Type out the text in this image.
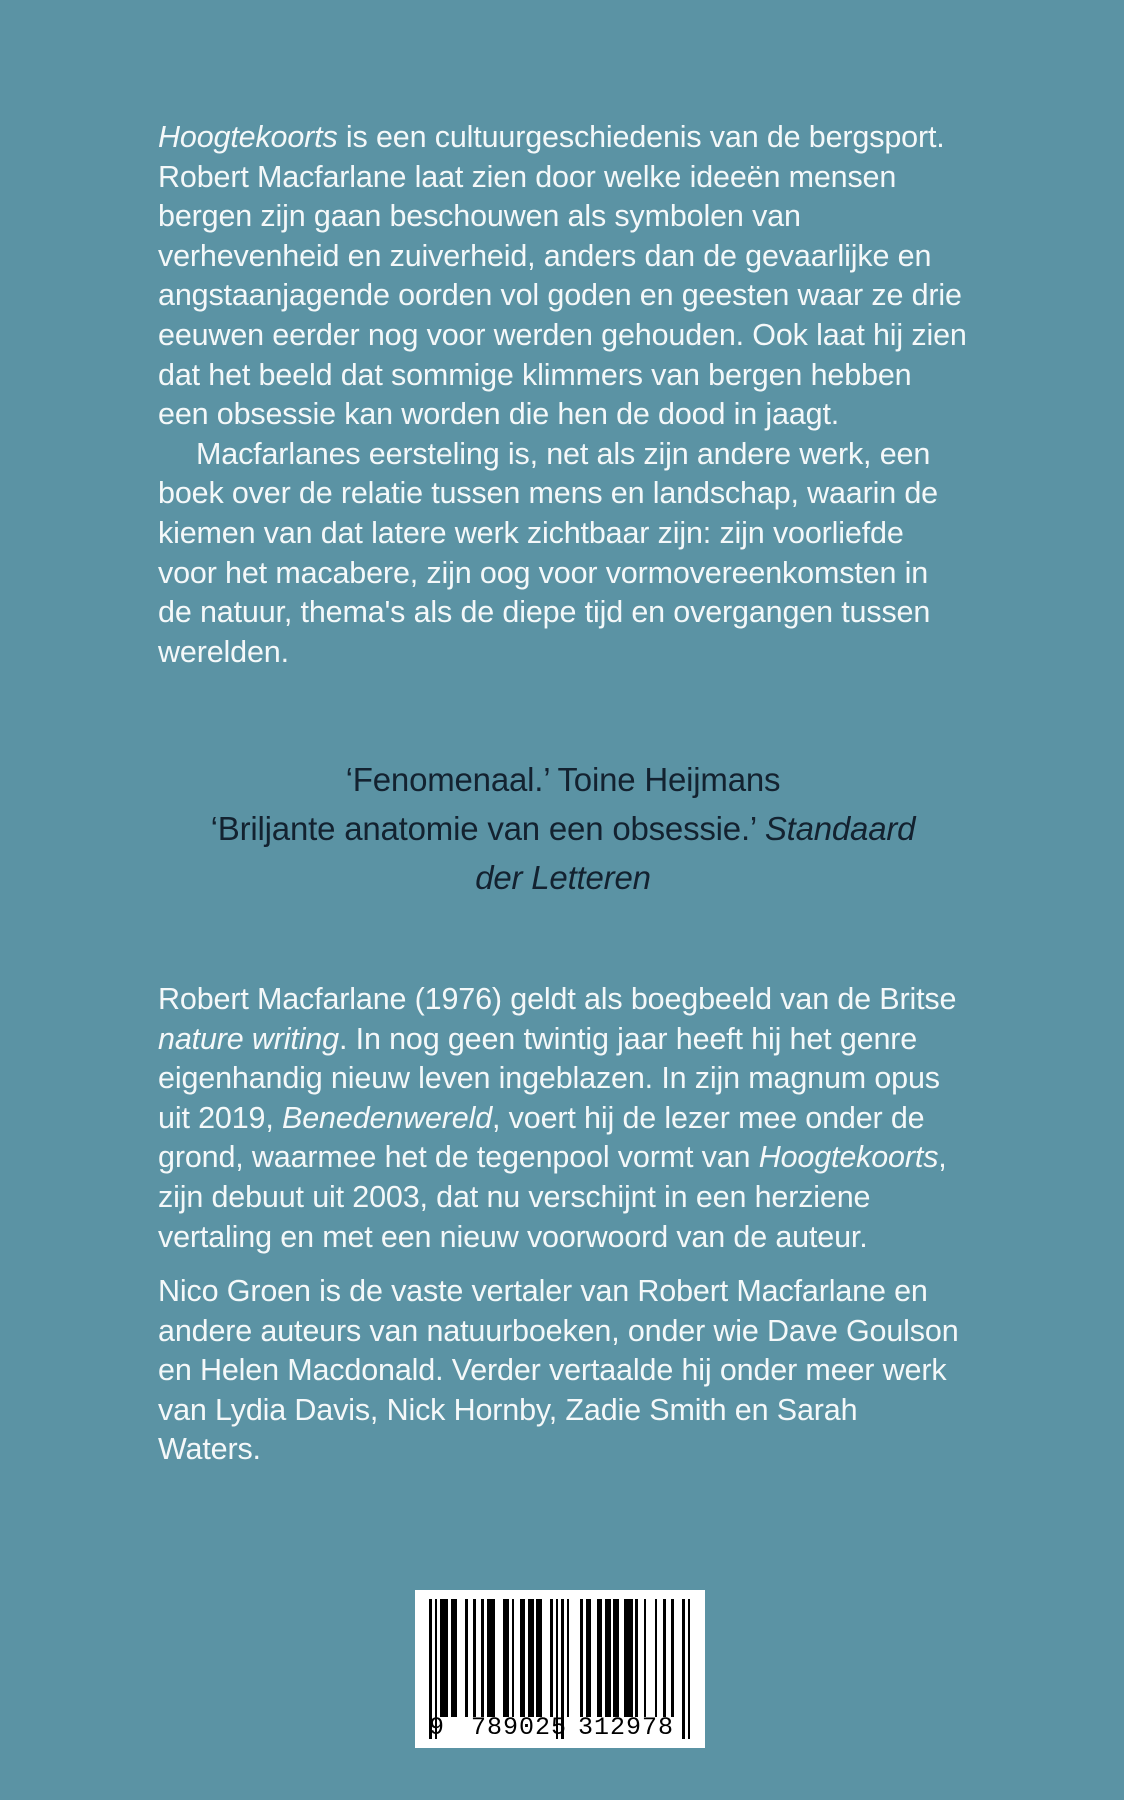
Hoogtekoorts is een cultuurgeschiedenis van de bergsport. Robert Macfarlane laat zien door welke ideeën mensen bergen zijn gaan beschouwen als symbolen van verhevenheid en zuiverheid, anders dan de gevaarlijke en angstaanjagende oorden vol goden en geesten waar ze drie eeuwen eerder nog voor werden gehouden. Ook laat hij zien dat het beeld dat sommige klimmers van bergen hebben een obsessie kan worden die hen de dood in jaagt.

Macfarlanes eersteling is, net als zijn andere werk, een boek over de relatie tussen mens en landschap, waarin de kiemen van dat latere werk zichtbaar zijn: zijn voorliefde voor het macabere, zijn oog voor vormovereenkomsten in de natuur, thema's als de diepe tijd en overgangen tussen werelden.

‘Fenomenaal.’ Toine Heijmans

‘Briljante anatomie van een obsessie.’ Standaard

der Letteren

Robert Macfarlane (1976) geldt als boegbeeld van de Britse nature writing. In nog geen twintig jaar heeft hij het genre eigenhandig nieuw leven ingeblazen. In zijn magnum opus uit 2019, Benedenwereld, voert hij de lezer mee onder de grond, waarmee het de tegenpool vormt van Hoogtekoorts, zijn debuut uit 2003, dat nu verschijnt in een herziene vertaling en met een nieuw voorwoord van de auteur.

Nico Groen is de vaste vertaler van Robert Macfarlane en andere auteurs van natuurboeken, onder wie Dave Goulson en Helen Macdonald. Verder vertaalde hij onder meer werk van Lydia Davis, Nick Hornby, Zadie Smith en Sarah Waters.

9 789025 312978
